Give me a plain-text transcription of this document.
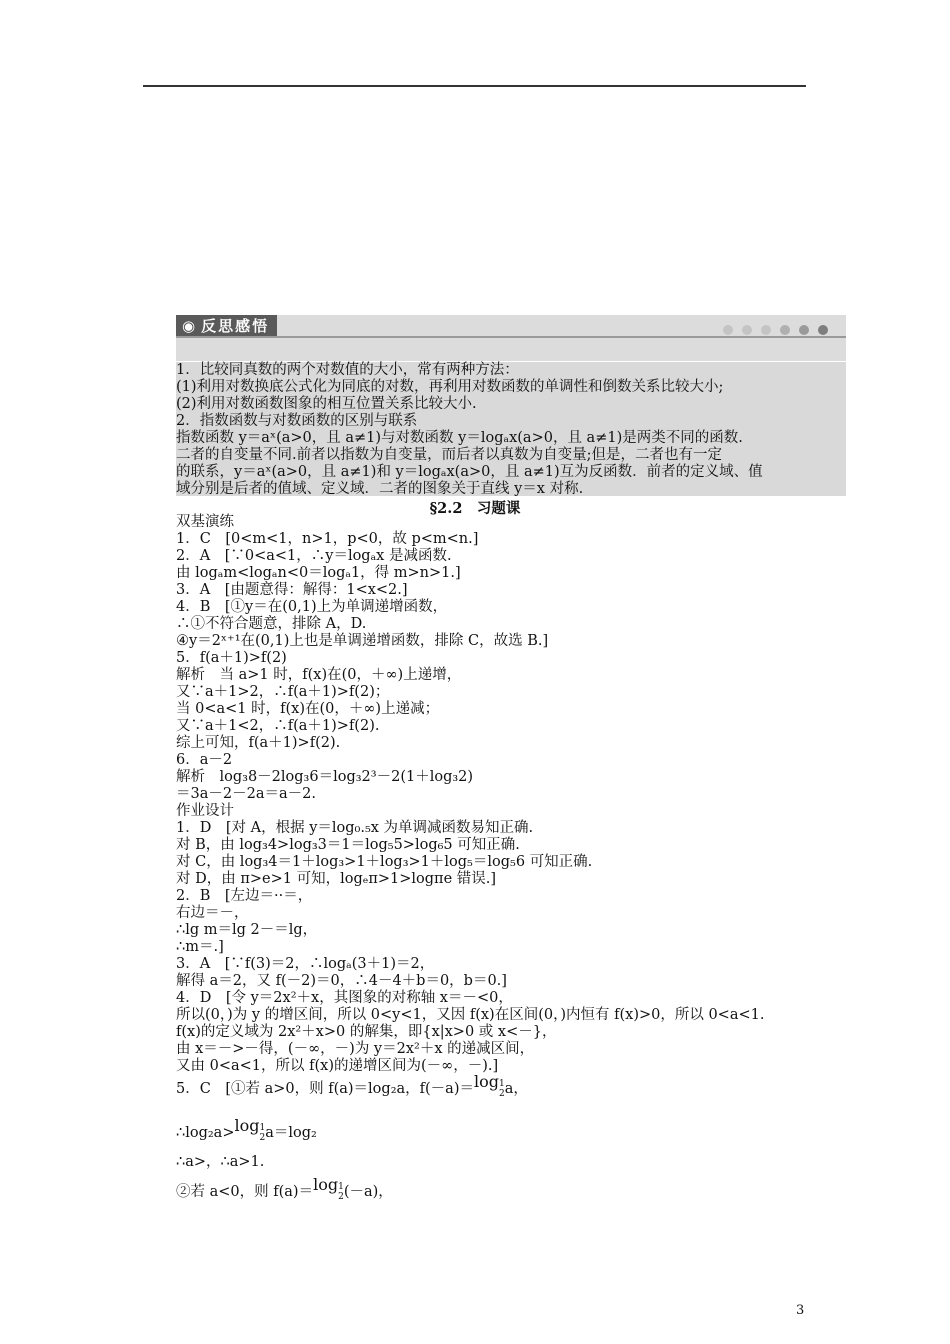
◉ 反思感悟
1．比较同真数的两个对数值的大小，常有两种方法：
(1)利用对数换底公式化为同底的对数，再利用对数函数的单调性和倒数关系比较大小;
(2)利用对数函数图象的相互位置关系比较大小.
2．指数函数与对数函数的区别与联系
指数函数 y＝aˣ(a>0，且 a≠1)与对数函数 y＝logₐx(a>0，且 a≠1)是两类不同的函数.
二者的自变量不同.前者以指数为自变量，而后者以真数为自变量;但是，二者也有一定
的联系，y＝aˣ(a>0，且 a≠1)和 y＝logₐx(a>0，且 a≠1)互为反函数．前者的定义域、值
域分别是后者的值域、定义域．二者的图象关于直线 y＝x 对称.
§2.2　习题课
双基演练
1．C　[0<m<1，n>1，p<0，故 p<m<n.]
2．A　[∵0<a<1，∴y＝logₐx 是减函数.
由 logₐm<logₐn<0＝logₐ1，得 m>n>1.]
3．A　[由题意得：解得：1<x<2.]
4．B　[①y＝在(0,1)上为单调递增函数，
∴①不符合题意，排除 A，D.
④y＝2ˣ⁺¹在(0,1)上也是单调递增函数，排除 C，故选 B.]
5．f(a＋1)>f(2)
解析　当 a>1 时，f(x)在(0，＋∞)上递增，
又∵a＋1>2，∴f(a＋1)>f(2)；
当 0<a<1 时，f(x)在(0，＋∞)上递减；
又∵a＋1<2，∴f(a＋1)>f(2).
综上可知，f(a＋1)>f(2).
6．a－2
解析　log₃8－2log₃6＝log₃2³－2(1＋log₃2)
＝3a－2－2a＝a－2.
作业设计
1．D　[对 A，根据 y＝log₀.₅x 为单调减函数易知正确.
对 B，由 log₃4>log₃3＝1＝log₅5>log₆5 可知正确.
对 C，由 log₃4＝1＋log₃>1＋log₃>1＋log₅＝log₅6 可知正确.
对 D，由 π>e>1 可知，logₑπ>1>logπe 错误.]
2．B　[左边＝··＝，
右边＝－，
∴lg m＝lg 2－＝lg，
∴m＝.]
3．A　[∵f(3)＝2，∴logₐ(3＋1)＝2，
解得 a＝2，又 f(－2)＝0，∴4－4＋b＝0，b＝0.]
4．D　[令 y＝2x²＋x，其图象的对称轴 x＝－<0，
所以(0，)为 y 的增区间，所以 0<y<1，又因 f(x)在区间(0，)内恒有 f(x)>0，所以 0<a<1.
f(x)的定义域为 2x²＋x>0 的解集，即{x|x>0 或 x<－}，
由 x＝－>－得，(－∞，－)为 y＝2x²＋x 的递减区间，
又由 0<a<1，所以 f(x)的递增区间为(－∞，－).]
5．C　[①若 a>0，则 f(a)＝log₂a，f(－a)＝log1
2a，
∴log₂a>log1
2a＝log₂
∴a>，∴a>1.
②若 a<0，则 f(a)＝log1
2(－a)，
3
